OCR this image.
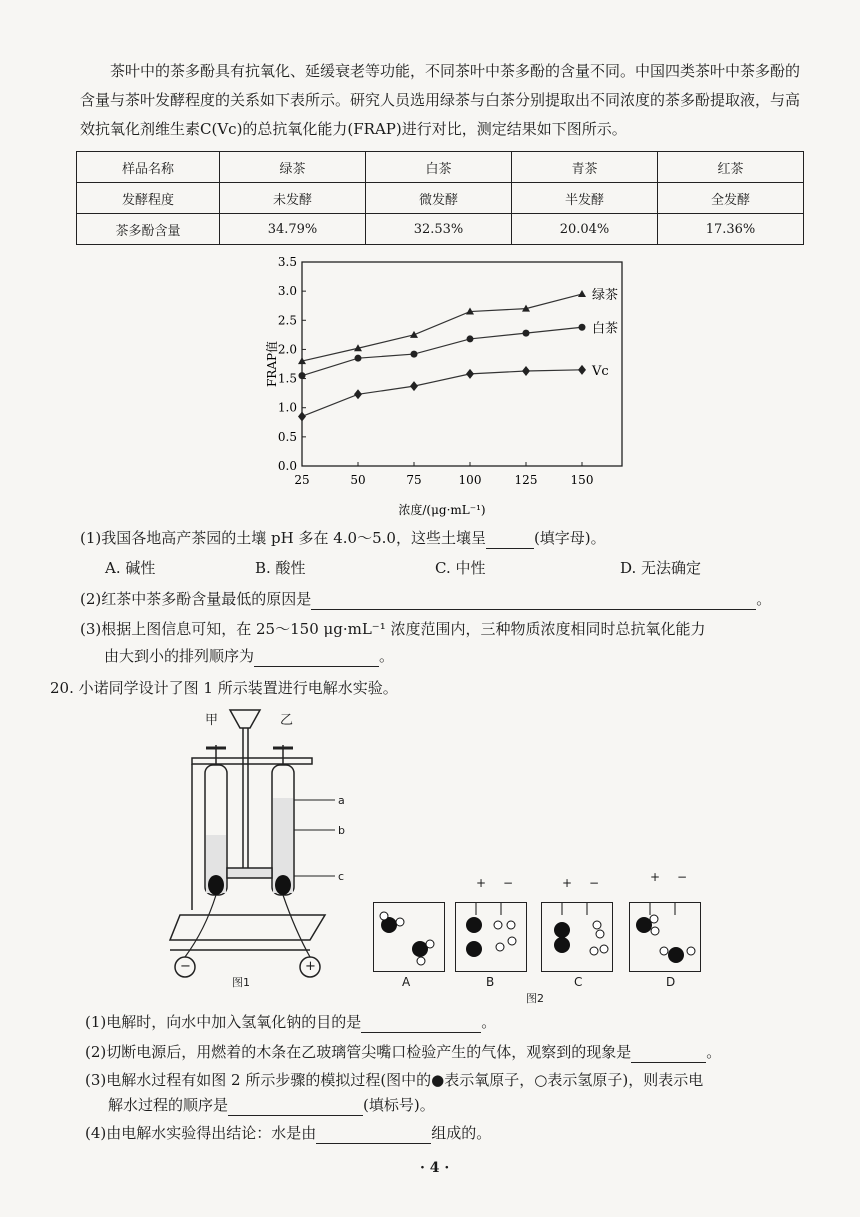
茶叶中的茶多酚具有抗氧化、延缓衰老等功能，不同茶叶中茶多酚的含量不同。中国四类茶叶中茶多酚的含量与茶叶发酵程度的关系如下表所示。研究人员选用绿茶与白茶分别提取出不同浓度的茶多酚提取液，与高效抗氧化剂维生素C(Vc)的总抗氧化能力(FRAP)进行对比，测定结果如下图所示。
样品名称	绿茶	白茶	青茶	红茶
发酵程度	未发酵	微发酵	半发酵	全发酵
茶多酚含量	34.79%	32.53%	20.04%	17.36%
0.0
0.5
1.0
1.5
2.0
2.5
3.0
3.5
25	50	75	100	125	150
浓度/(μg·mL⁻¹)
FRAP值
绿茶
白茶
Vc
(1)我国各地高产茶园的土壤 pH 多在 4.0～5.0，这些土壤呈	(填字母)。
A. 碱性	B. 酸性	C. 中性	D. 无法确定
(2)红茶中茶多酚含量最低的原因是	。
(3)根据上图信息可知，在 25～150 μg·mL⁻¹ 浓度范围内，三种物质浓度相同时总抗氧化能力
由大到小的排列顺序为	。
20. 小诺同学设计了图 1 所示装置进行电解水实验。
甲	乙
a
b
c
−	+
图1
+ −	+ −	+ −
A	B	C	D
图2
(1)电解时，向水中加入氢氧化钠的目的是	。
(2)切断电源后，用燃着的木条在乙玻璃管尖嘴口检验产生的气体，观察到的现象是	。
(3)电解水过程有如图 2 所示步骤的模拟过程(图中的●表示氧原子，○表示氢原子)，则表示电
解水过程的顺序是	(填标号)。
(4)由电解水实验得出结论：水是由	组成的。
· 4 ·
